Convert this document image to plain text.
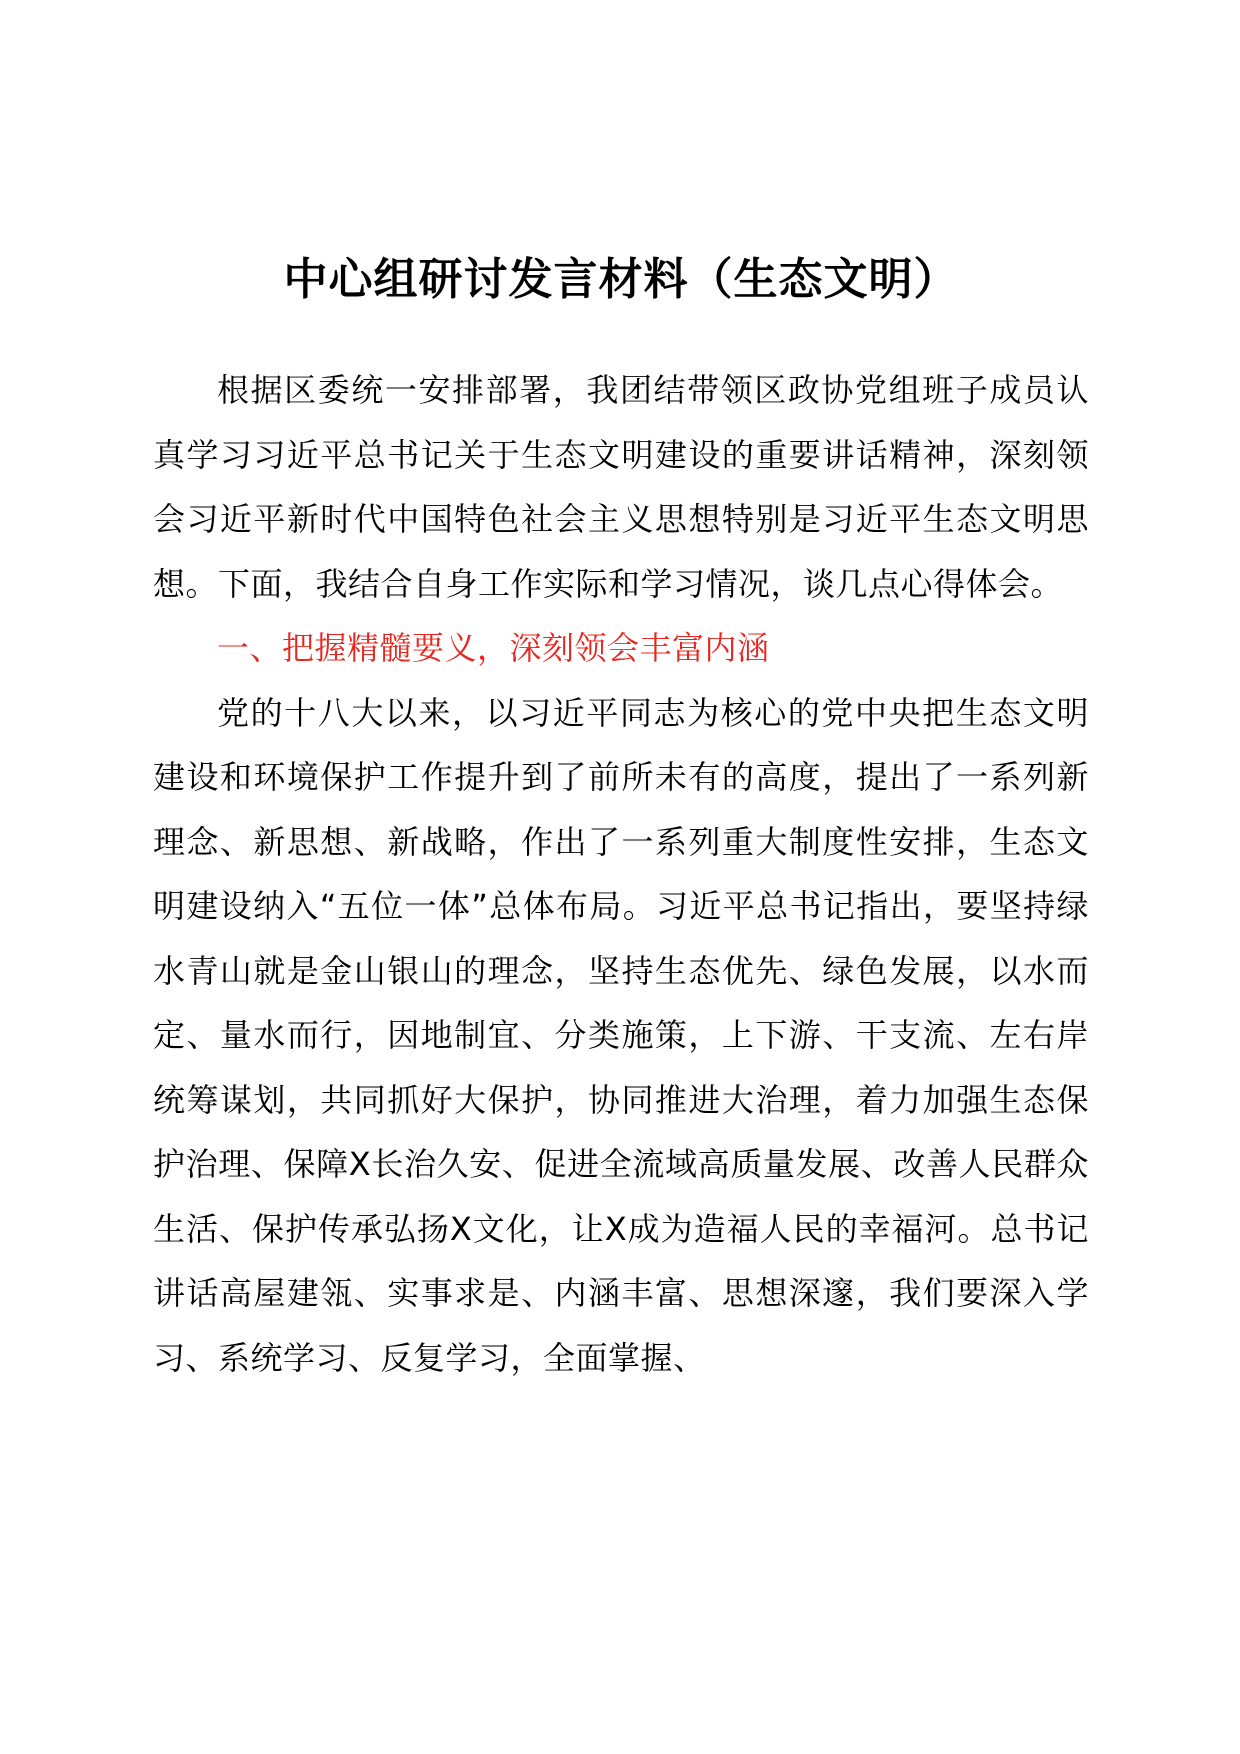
中心组研讨发言材料（生态文明）

根据区委统一安排部署，我团结带领区政协党组班子成员认真学习习近平总书记关于生态文明建设的重要讲话精神，深刻领会习近平新时代中国特色社会主义思想特别是习近平生态文明思想。下面，我结合自身工作实际和学习情况，谈几点心得体会。

一、把握精髓要义，深刻领会丰富内涵

党的十八大以来，以习近平同志为核心的党中央把生态文明建设和环境保护工作提升到了前所未有的高度，提出了一系列新理念、新思想、新战略，作出了一系列重大制度性安排，生态文明建设纳入“五位一体”总体布局。习近平总书记指出，要坚持绿水青山就是金山银山的理念，坚持生态优先、绿色发展，以水而定、量水而行，因地制宜、分类施策，上下游、干支流、左右岸统筹谋划，共同抓好大保护，协同推进大治理，着力加强生态保护治理、保障X长治久安、促进全流域高质量发展、改善人民群众生活、保护传承弘扬X文化，让X成为造福人民的幸福河。总书记讲话高屋建瓴、实事求是、内涵丰富、思想深邃，我们要深入学习、系统学习、反复学习，全面掌握、
